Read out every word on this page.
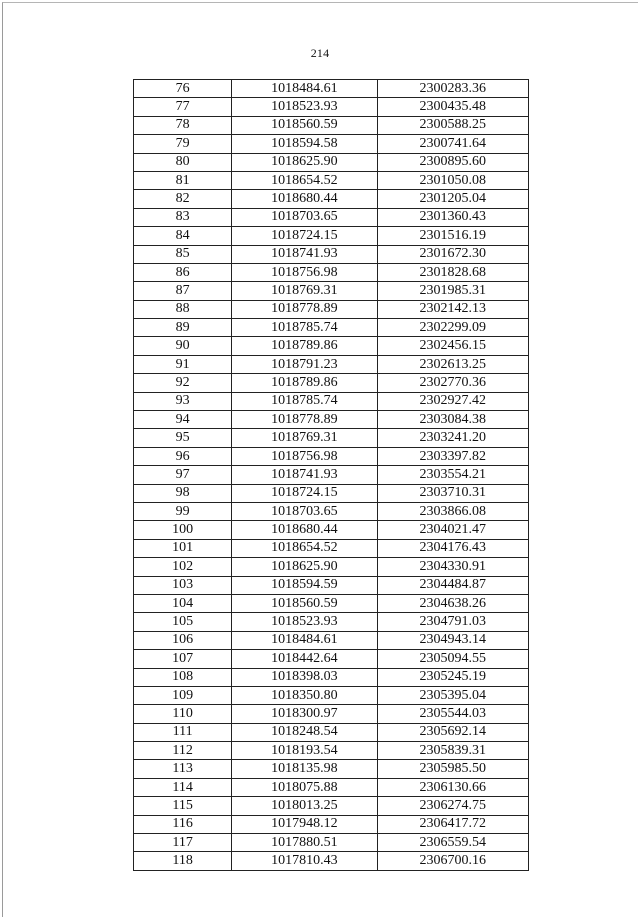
214
76	1018484.61	2300283.36
77	1018523.93	2300435.48
78	1018560.59	2300588.25
79	1018594.58	2300741.64
80	1018625.90	2300895.60
81	1018654.52	2301050.08
82	1018680.44	2301205.04
83	1018703.65	2301360.43
84	1018724.15	2301516.19
85	1018741.93	2301672.30
86	1018756.98	2301828.68
87	1018769.31	2301985.31
88	1018778.89	2302142.13
89	1018785.74	2302299.09
90	1018789.86	2302456.15
91	1018791.23	2302613.25
92	1018789.86	2302770.36
93	1018785.74	2302927.42
94	1018778.89	2303084.38
95	1018769.31	2303241.20
96	1018756.98	2303397.82
97	1018741.93	2303554.21
98	1018724.15	2303710.31
99	1018703.65	2303866.08
100	1018680.44	2304021.47
101	1018654.52	2304176.43
102	1018625.90	2304330.91
103	1018594.59	2304484.87
104	1018560.59	2304638.26
105	1018523.93	2304791.03
106	1018484.61	2304943.14
107	1018442.64	2305094.55
108	1018398.03	2305245.19
109	1018350.80	2305395.04
110	1018300.97	2305544.03
111	1018248.54	2305692.14
112	1018193.54	2305839.31
113	1018135.98	2305985.50
114	1018075.88	2306130.66
115	1018013.25	2306274.75
116	1017948.12	2306417.72
117	1017880.51	2306559.54
118	1017810.43	2306700.16
